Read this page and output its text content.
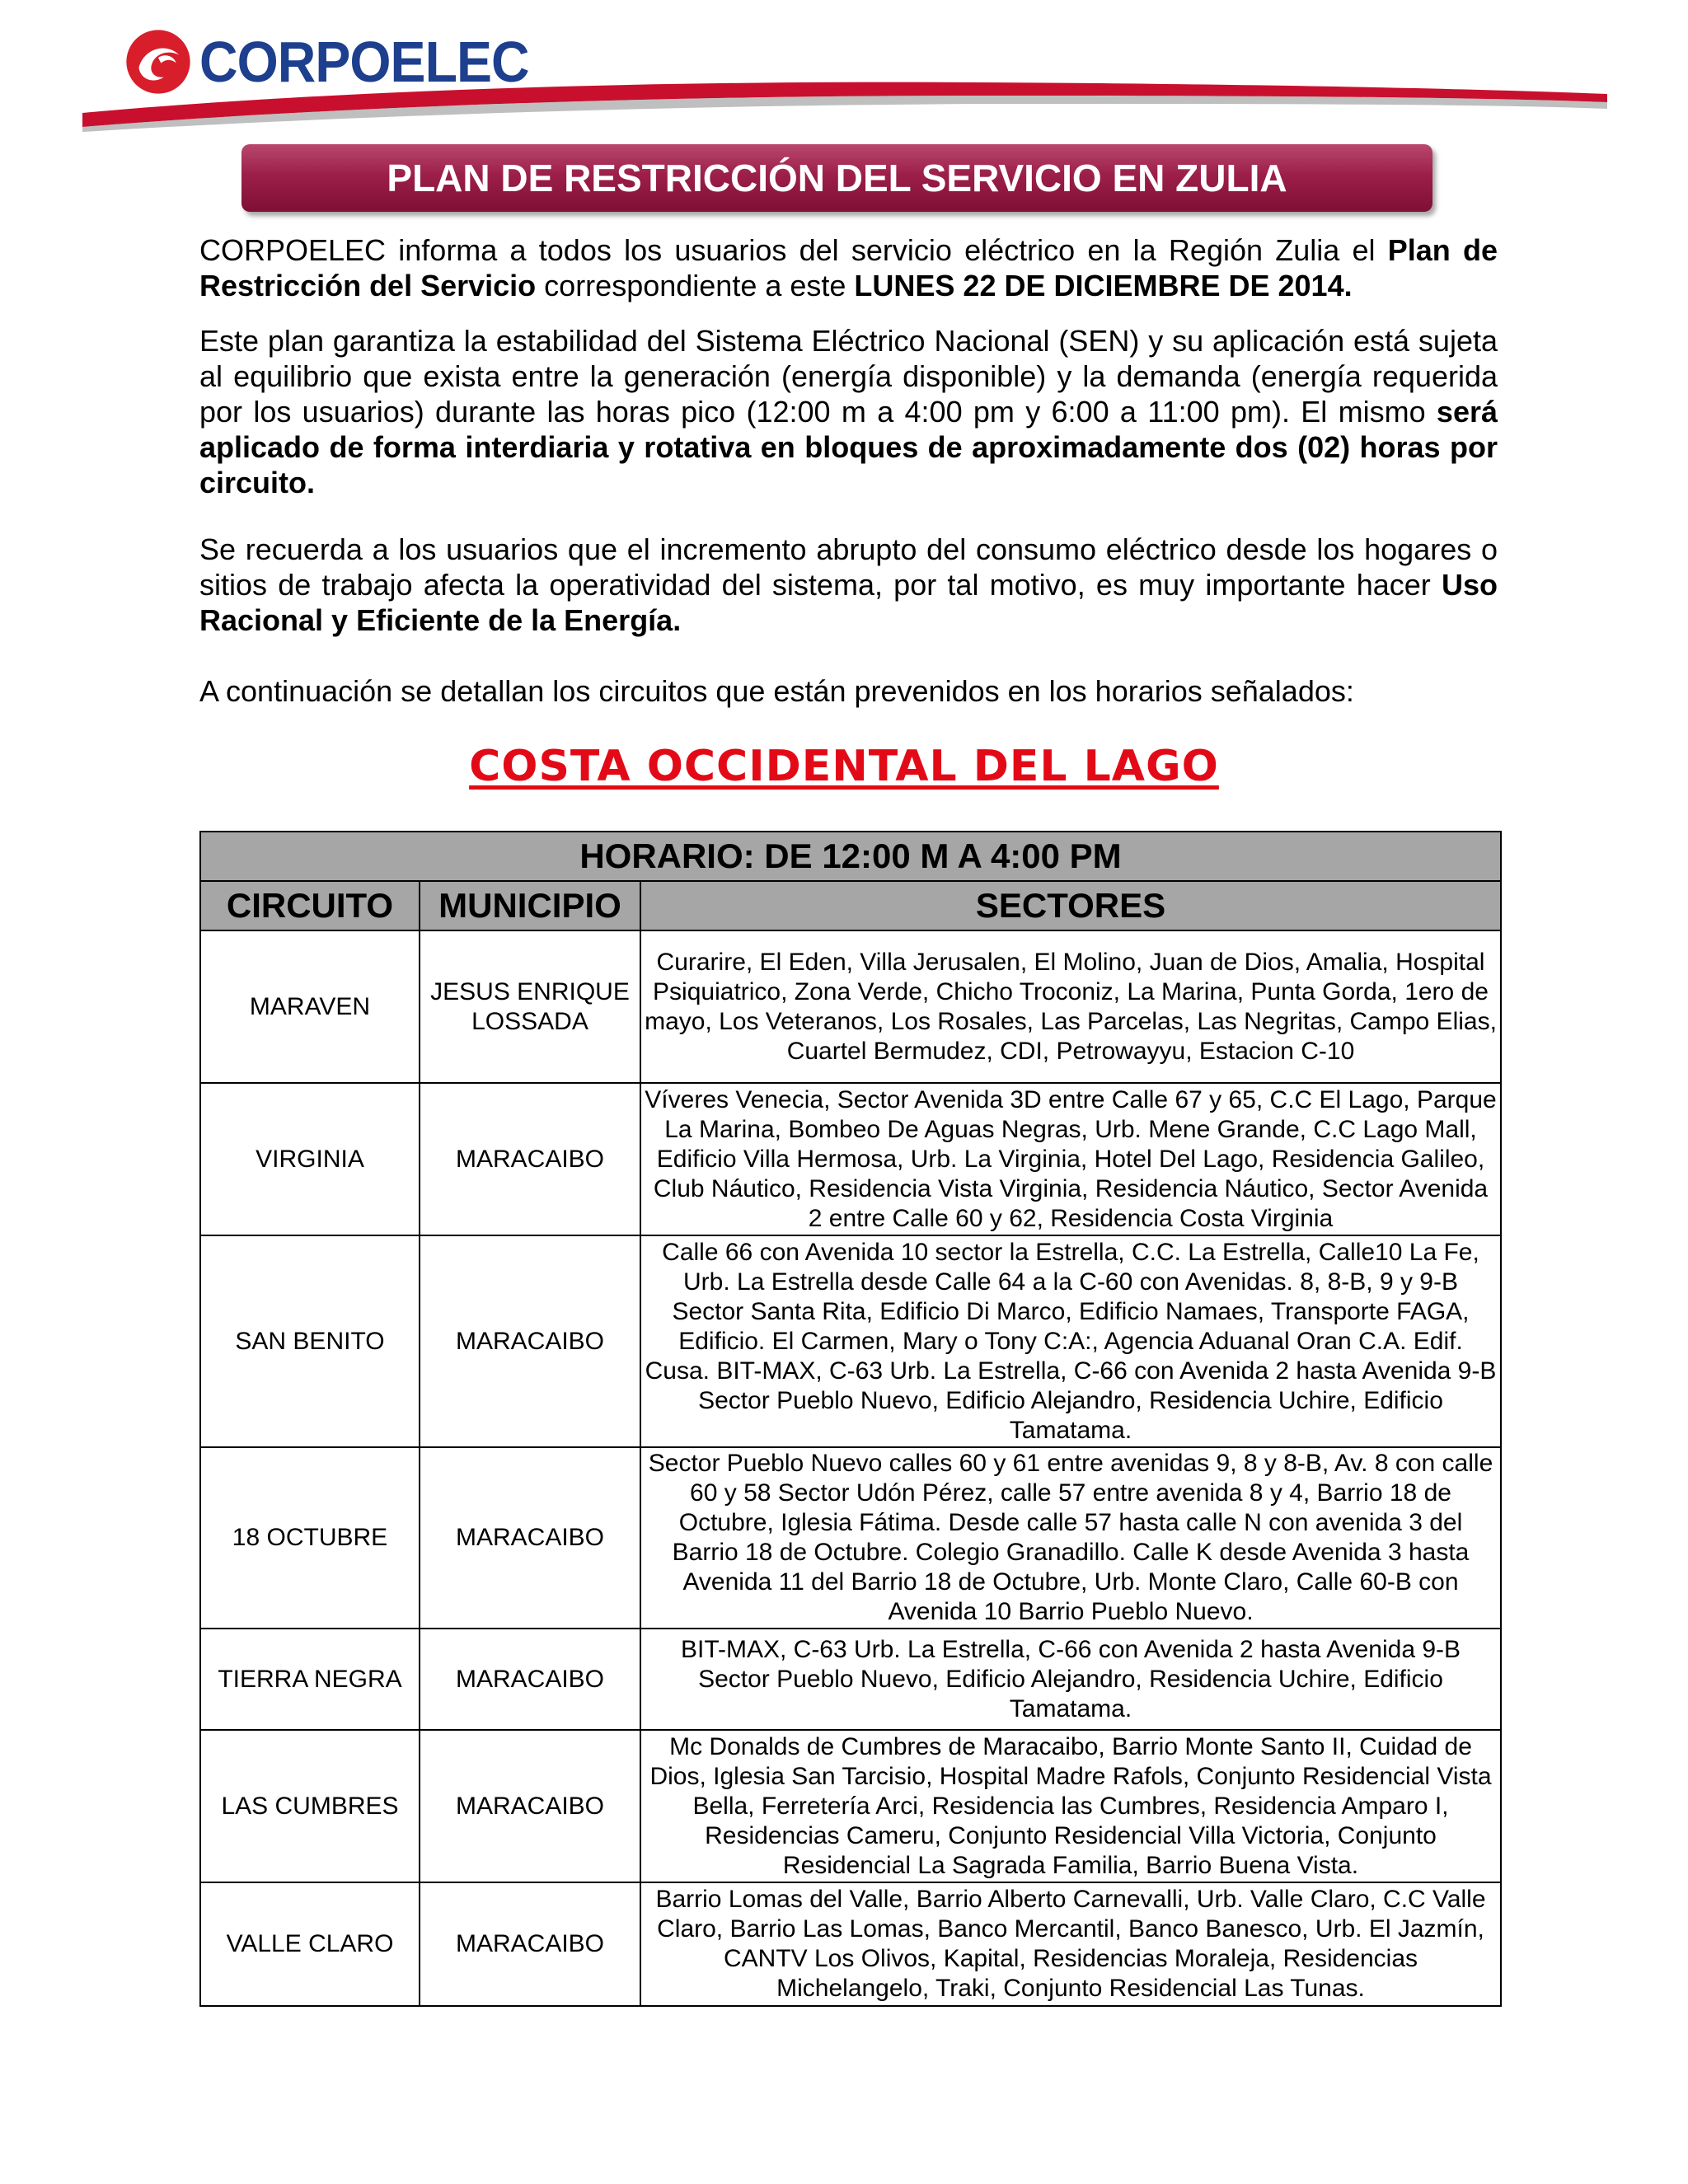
CORPOELEC
PLAN DE RESTRICCIÓN DEL SERVICIO EN ZULIA

CORPOELEC informa a todos los usuarios del servicio eléctrico en la Región Zulia el Plan de Restricción del Servicio correspondiente a este LUNES 22 DE DICIEMBRE DE 2014.

Este plan garantiza la estabilidad del Sistema Eléctrico Nacional (SEN) y su aplicación está sujeta al equilibrio que exista entre la generación (energía disponible) y la demanda (energía requerida por los usuarios) durante las horas pico (12:00 m a 4:00 pm y 6:00 a 11:00 pm). El mismo será aplicado de forma interdiaria y rotativa en bloques de aproximadamente dos (02) horas por circuito.

Se recuerda a los usuarios que el incremento abrupto del consumo eléctrico desde los hogares o sitios de trabajo afecta la operatividad del sistema, por tal motivo, es muy importante hacer Uso Racional y Eficiente de la Energía.

A continuación se detallan los circuitos que están prevenidos en los horarios señalados:

COSTA OCCIDENTAL DEL LAGO
HORARIO: DE 12:00 M A 4:00 PM		
CIRCUITO	MUNICIPIO	SECTORES
MARAVEN	JESUS ENRIQUE LOSSADA	Curarire, El Eden, Villa Jerusalen, El Molino, Juan de Dios, Amalia, Hospital Psiquiatrico, Zona Verde, Chicho Troconiz, La Marina, Punta Gorda, 1ero de mayo, Los Veteranos, Los Rosales, Las Parcelas, Las Negritas, Campo Elias, Cuartel Bermudez, CDI, Petrowayyu, Estacion C-10
VIRGINIA	MARACAIBO	Víveres Venecia, Sector Avenida 3D entre Calle 67 y 65, C.C El Lago, Parque La Marina, Bombeo De Aguas Negras, Urb. Mene Grande, C.C Lago Mall, Edificio Villa Hermosa, Urb. La Virginia, Hotel Del Lago, Residencia Galileo, Club Náutico, Residencia Vista Virginia, Residencia Náutico, Sector Avenida 2 entre Calle 60 y 62, Residencia Costa Virginia
SAN BENITO	MARACAIBO	Calle 66 con Avenida 10 sector la Estrella, C.C. La Estrella, Calle10 La Fe, Urb. La Estrella desde Calle 64 a la C-60 con Avenidas. 8, 8-B, 9 y 9-B Sector Santa Rita, Edificio Di Marco, Edificio Namaes, Transporte FAGA, Edificio. El Carmen, Mary o Tony C:A:, Agencia Aduanal Oran C.A. Edif. Cusa. BIT-MAX, C-63 Urb. La Estrella, C-66 con Avenida 2 hasta Avenida 9-B Sector Pueblo Nuevo, Edificio Alejandro, Residencia Uchire, Edificio Tamatama.
18 OCTUBRE	MARACAIBO	Sector Pueblo Nuevo calles 60 y 61 entre avenidas 9, 8 y 8-B, Av. 8 con calle 60 y 58 Sector Udón Pérez, calle 57 entre avenida 8 y 4, Barrio 18 de Octubre, Iglesia Fátima. Desde calle 57 hasta calle N con avenida 3 del Barrio 18 de Octubre. Colegio Granadillo. Calle K desde Avenida 3 hasta Avenida 11 del Barrio 18 de Octubre, Urb. Monte Claro, Calle 60-B con Avenida 10 Barrio Pueblo Nuevo.
TIERRA NEGRA	MARACAIBO	BIT-MAX, C-63 Urb. La Estrella, C-66 con Avenida 2 hasta Avenida 9-B Sector Pueblo Nuevo, Edificio Alejandro, Residencia Uchire, Edificio Tamatama.
LAS CUMBRES	MARACAIBO	Mc Donalds de Cumbres de Maracaibo, Barrio Monte Santo II, Cuidad de Dios, Iglesia San Tarcisio, Hospital Madre Rafols, Conjunto Residencial Vista Bella, Ferretería Arci, Residencia las Cumbres, Residencia Amparo I, Residencias Cameru, Conjunto Residencial Villa Victoria, Conjunto Residencial La Sagrada Familia, Barrio Buena Vista.
VALLE CLARO	MARACAIBO	Barrio Lomas del Valle, Barrio Alberto Carnevalli, Urb. Valle Claro, C.C Valle Claro, Barrio Las Lomas, Banco Mercantil, Banco Banesco, Urb. El Jazmín, CANTV Los Olivos, Kapital, Residencias Moraleja, Residencias Michelangelo, Traki, Conjunto Residencial Las Tunas.
